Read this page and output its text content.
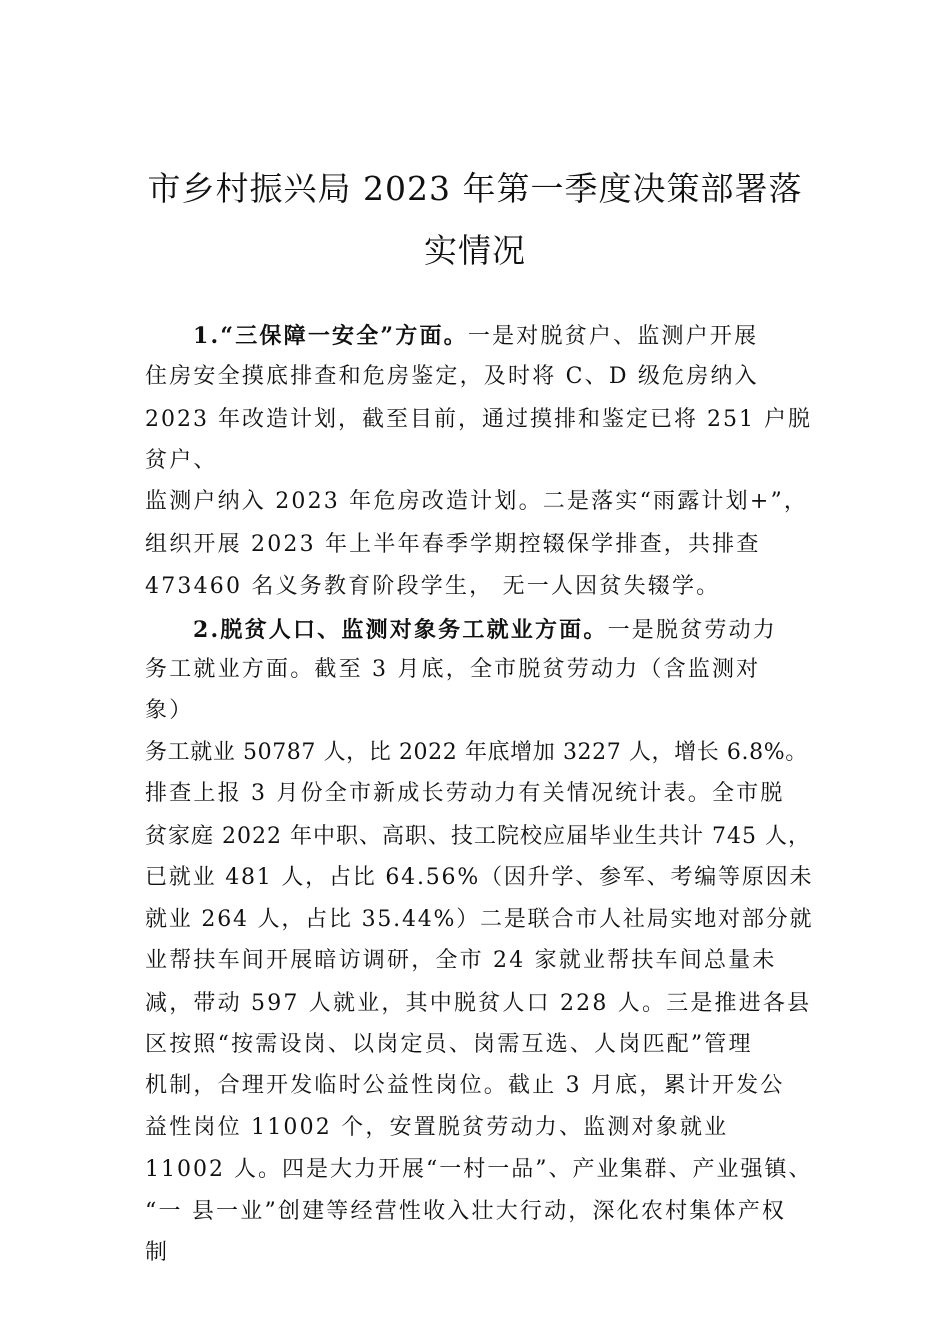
市乡村振兴局 2023 年第一季度决策部署落
实情况
1.“三保障一安全”方面。一是对脱贫户、监测户开展
住房安全摸底排查和危房鉴定，及时将 C、D 级危房纳入
2023 年改造计划，截至目前，通过摸排和鉴定已将 251 户脱
贫户、
监测户纳入 2023 年危房改造计划。二是落实“雨露计划+”，
组织开展 2023 年上半年春季学期控辍保学排查，共排查
473460 名义务教育阶段学生， 无一人因贫失辍学。
2.脱贫人口、监测对象务工就业方面。一是脱贫劳动力
务工就业方面。截至 3 月底，全市脱贫劳动力（含监测对
象）
务工就业 50787 人，比 2022 年底增加 3227 人，增长 6.8%。
排查上报 3 月份全市新成长劳动力有关情况统计表。全市脱
贫家庭 2022 年中职、高职、技工院校应届毕业生共计 745 人，
已就业 481 人，占比 64.56%（因升学、参军、考编等原因未
就业 264 人，占比 35.44%）二是联合市人社局实地对部分就
业帮扶车间开展暗访调研，全市 24 家就业帮扶车间总量未
减，带动 597 人就业，其中脱贫人口 228 人。三是推进各县
区按照“按需设岗、以岗定员、岗需互选、人岗匹配”管理
机制，合理开发临时公益性岗位。截止 3 月底，累计开发公
益性岗位 11002 个，安置脱贫劳动力、监测对象就业
11002 人。四是大力开展“一村一品”、产业集群、产业强镇、
“一 县一业”创建等经营性收入壮大行动，深化农村集体产权
制
